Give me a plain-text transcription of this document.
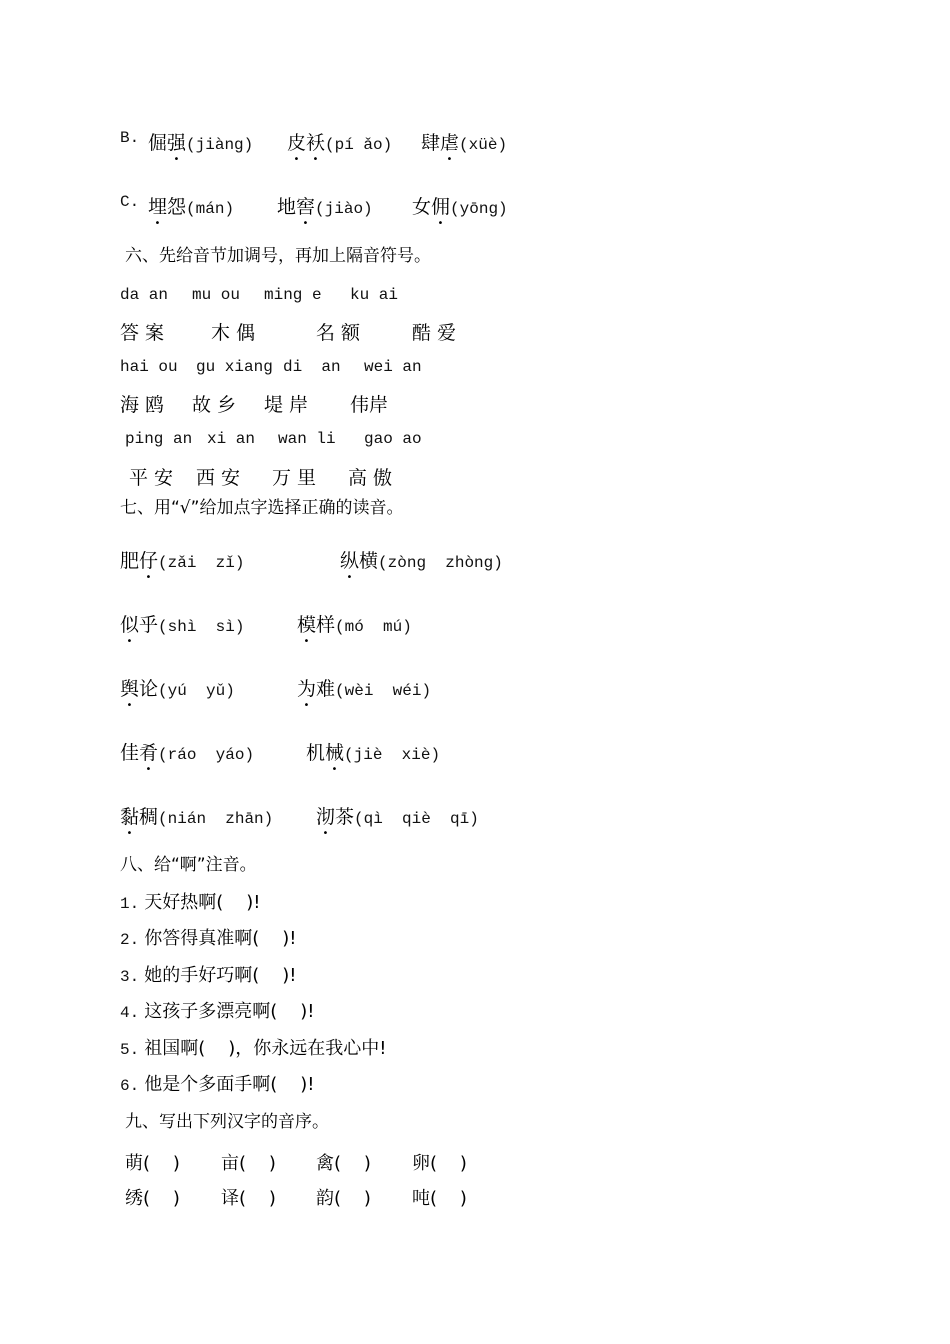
B. 倔强(jiàng) 皮袄(pí ǎo) 肆虐(xüè)
C. 埋怨(mán) 地窖(jiào) 女佣(yōng)
六、先给音节加调号，再加上隔音符号。
da an mu ou ming e ku ai
答 案 木 偶	名 额	酷 爱
hai ou gu xiang di  an wei an
海 鸥 故 乡 堤 岸 伟岸
ping an xi an wan li gao ao
平 安 西 安 万 里 高 傲
七、用“√”给加点字选择正确的读音。
肥仔(zǎi  zǐ)	纵横(zòng  zhòng)
似乎(shì  sì)	模样(mó  mú)
舆论(yú  yǔ)	为难(wèi  wéi)
佳肴(ráo  yáo)	机械(jiè  xiè)
黏稠(nián  zhān) 沏茶(qì  qiè  qī)
八、给“啊”注音。
1. 天好热啊(    )!
2. 你答得真准啊(    )!
3. 她的手好巧啊(    )!
4. 这孩子多漂亮啊(    )!
5. 祖国啊(    )，你永远在我心中!
6. 他是个多面手啊(    )!
九、写出下列汉字的音序。
萌(    ) 亩(    ) 禽(    ) 卵(    )
绣(    ) 译(    ) 韵(    ) 吨(    )
